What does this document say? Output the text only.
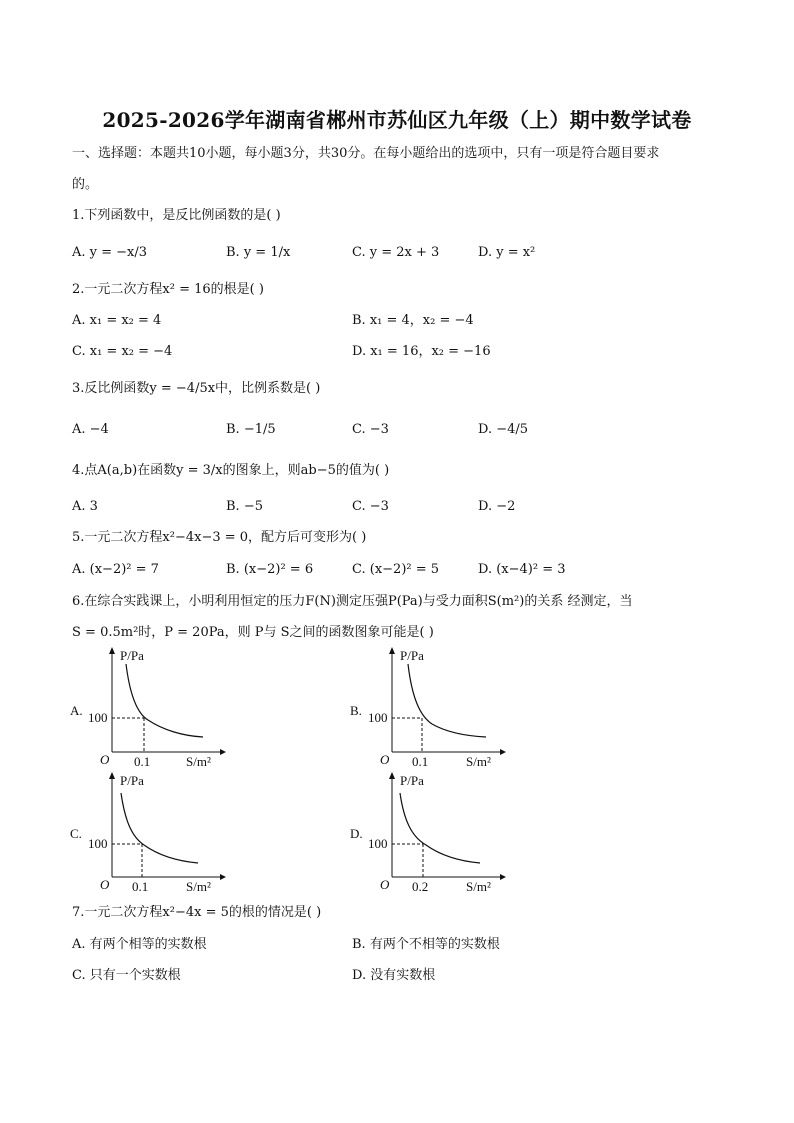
2025-2026学年湖南省郴州市苏仙区九年级（上）期中数学试卷
一、选择题：本题共10小题，每小题3分，共30分。在每小题给出的选项中，只有一项是符合题目要求
的。
1.下列函数中，是反比例函数的是( )
A. y = −x/3	B. y = 1/x	C. y = 2x + 3	D. y = x²
2.一元二次方程x² = 16的根是( )
A. x₁ = x₂ = 4	B. x₁ = 4，x₂ = −4
C. x₁ = x₂ = −4	D. x₁ = 16，x₂ = −16
3.反比例函数y = −4/5x中，比例系数是( )
A. −4	B. −1/5	C. −3	D. −4/5
4.点A(a,b)在函数y = 3/x的图象上，则ab−5的值为( )
A. 3	B. −5	C. −3	D. −2
5.一元二次方程x²−4x−3 = 0，配方后可变形为( )
A. (x−2)² = 7	B. (x−2)² = 6	C. (x−2)² = 5	D. (x−4)² = 3
6.在综合实践课上，小明利用恒定的压力F(N)测定压强P(Pa)与受力面积S(m²)的关系 经测定，当
S = 0.5m²时，P = 20Pa，则 P与 S之间的函数图象可能是( )
A.
P/Pa
100
O 0.1	S/m²
B.
P/Pa
100
O 0.1	S/m²
C.
P/Pa
100
O 0.1	S/m²
D.
P/Pa
100
O 0.2	S/m²
7.一元二次方程x²−4x = 5的根的情况是( )
A. 有两个相等的实数根	B. 有两个不相等的实数根
C. 只有一个实数根	D. 没有实数根
